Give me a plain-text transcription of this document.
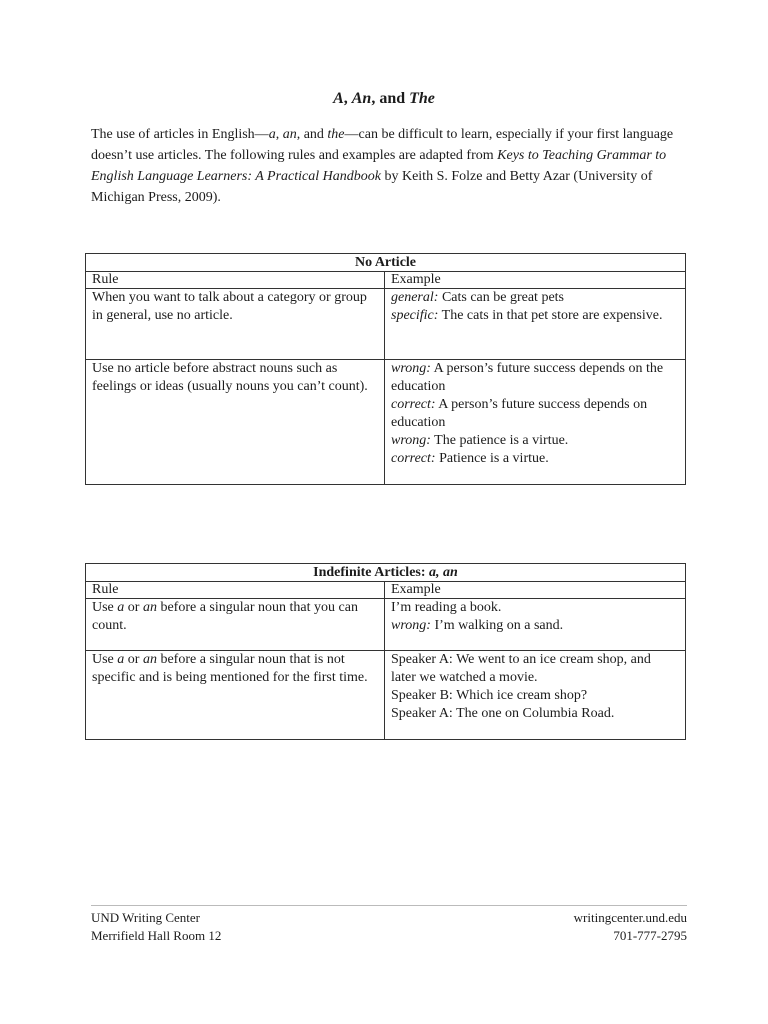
A, An, and The
The use of articles in English—a, an, and the—can be difficult to learn, especially if your first language doesn’t use articles. The following rules and examples are adapted from Keys to Teaching Grammar to English Language Learners: A Practical Handbook by Keith S. Folze and Betty Azar (University of Michigan Press, 2009).
No Article	
Rule	Example
When you want to talk about a category or group in general, use no article.	general: Cats can be great pets
specific: The cats in that pet store are expensive.

Use no article before abstract nouns such as feelings or ideas (usually nouns you can’t count).	wrong: A person’s future success depends on the education
correct: A person’s future success depends on education
wrong: The patience is a virtue.
correct: Patience is a virtue.
Indefinite Articles: a, an	
Rule	Example
Use a or an before a singular noun that you can count.	I’m reading a book.
wrong: I’m walking on a sand.

Use a or an before a singular noun that is not specific and is being mentioned for the first time.	Speaker A: We went to an ice cream shop, and later we watched a movie.
Speaker B: Which ice cream shop?
Speaker A: The one on Columbia Road.
UND Writing Center
Merrifield Hall Room 12
writingcenter.und.edu
701-777-2795
